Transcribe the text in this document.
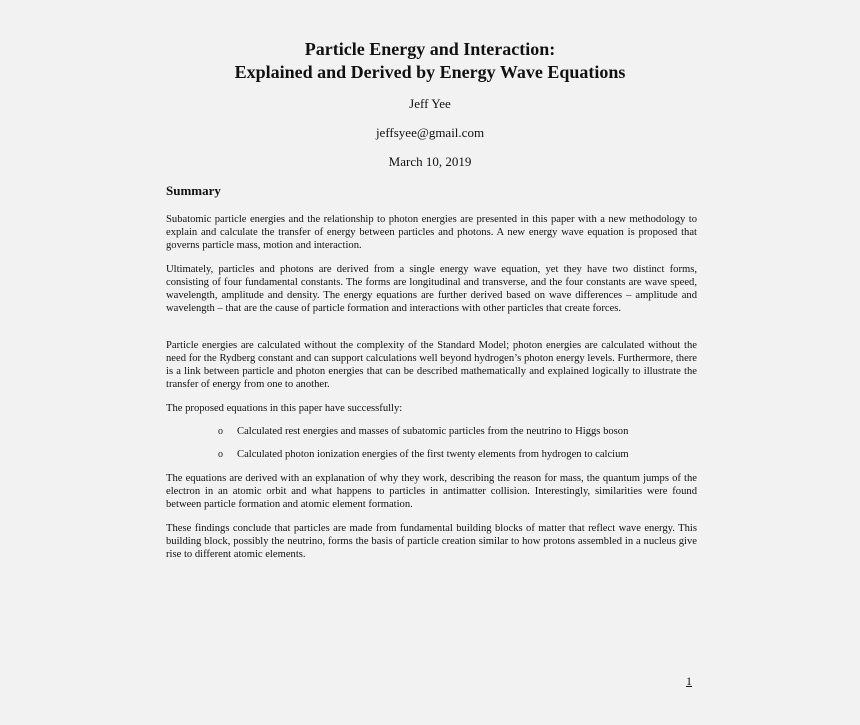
Particle Energy and Interaction:
Explained and Derived by Energy Wave Equations

Jeff Yee

jeffsyee@gmail.com

March 10, 2019

Summary

Subatomic particle energies and the relationship to photon energies are presented in this paper with a new methodology to explain and calculate the transfer of energy between particles and photons. A new energy wave equation is proposed that governs particle mass, motion and interaction.

Ultimately, particles and photons are derived from a single energy wave equation, yet they have two distinct forms, consisting of four fundamental constants. The forms are longitudinal and transverse, and the four constants are wave speed, wavelength, amplitude and density. The energy equations are further derived based on wave differences – amplitude and wavelength – that are the cause of particle formation and interactions with other particles that create forces.

Particle energies are calculated without the complexity of the Standard Model; photon energies are calculated without the need for the Rydberg constant and can support calculations well beyond hydrogen’s photon energy levels. Furthermore, there is a link between particle and photon energies that can be described mathematically and explained logically to illustrate the transfer of energy from one to another.

The proposed equations in this paper have successfully:

o Calculated rest energies and masses of subatomic particles from the neutrino to Higgs boson
o Calculated photon ionization energies of the first twenty elements from hydrogen to calcium

The equations are derived with an explanation of why they work, describing the reason for mass, the quantum jumps of the electron in an atomic orbit and what happens to particles in antimatter collision. Interestingly, similarities were found between particle formation and atomic element formation.

These findings conclude that particles are made from fundamental building blocks of matter that reflect wave energy. This building block, possibly the neutrino, forms the basis of particle creation similar to how protons assembled in a nucleus give rise to different atomic elements.

1
